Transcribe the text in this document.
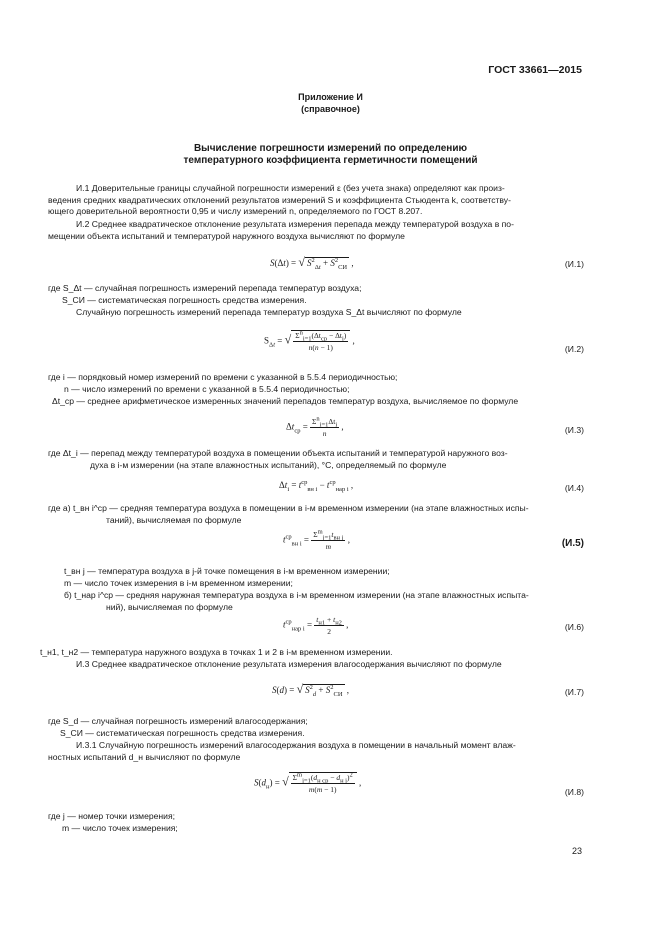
ГОСТ 33661—2015
Приложение И
(справочное)
Вычисление погрешности измерений по определению
температурного коэффициента герметичности помещений
И.1 Доверительные границы случайной погрешности измерений ε (без учета знака) определяют как произ-
ведения средних квадратических отклонений результатов измерений S и коэффициента Стьюдента k, соответству-
ющего доверительной вероятности 0,95 и числу измерений n, определяемого по ГОСТ 8.207.
И.2 Среднее квадратическое отклонение результата измерения перепада между температурой воздуха в по-
мещении объекта испытаний и температурой наружного воздуха вычисляют по формуле
S(Δt) = √ $S^2_{\Delta t} + S^2_{СИ}$ ,	(И.1)
где S_Δt — случайная погрешность измерений перепада температур воздуха;
S_СИ — систематическая погрешность средства измерения.
Случайную погрешность измерений перепада температур воздуха S_Δt вычисляют по формуле
$S_{\Delta t}$ = √ $\frac{\Sigma^n_{i=1}(\Delta t_{ср} - \Delta t_i)}{n(n - 1)}$ ,
(И.2)
где i — порядковый номер измерений по времени с указанной в 5.5.4 периодичностью;
n — число измерений по времени с указанной в 5.5.4 периодичностью;
Δt_ср — среднее арифметическое измеренных значений перепадов температур воздуха, вычисляемое по формуле
$\Delta t_{ср} = \frac{\Sigma^n_{i=1}\Delta t_i}{n}$ ,	(И.3)
где Δt_i — перепад между температурой воздуха в помещении объекта испытаний и температурой наружного воз-
духа в i-м измерении (на этапе влажностных испытаний), °С, определяемый по формуле
$\Delta t_i = t^{ср}_{вн i} - t^{ср}_{нар i}$ ,	(И.4)
где а) t_вн i^ср — средняя температура воздуха в помещении в i-м временном измерении (на этапе влажностных испы-
таний), вычисляемая по формуле
$t^{ср}_{вн i} = \frac{\Sigma^m_{j=1}t_{вн j}}{m}$ ,	(И.5)
t_вн j — температура воздуха в j-й точке помещения в i-м временном измерении;
m — число точек измерения в i-м временном измерении;
б) t_нар i^ср — средняя наружная температура воздуха в i-м временном измерении (на этапе влажностных испыта-
ний), вычисляемая по формуле
$t^{ср}_{нар i} = \frac{t_{н1} + t_{н2}}{2}$ ,	(И.6)
t_н1, t_н2 — температура наружного воздуха в точках 1 и 2 в i-м временном измерении.
И.3 Среднее квадратическое отклонение результата измерения влагосодержания вычисляют по формуле
S(d) = √ $S^2_d + S^2_{СИ}$ ,	(И.7)
где S_d — случайная погрешность измерений влагосодержания;
S_СИ — систематическая погрешность средства измерения.
И.3.1 Случайную погрешность измерений влагосодержания воздуха в помещении в начальный момент влаж-
ностных испытаний d_н вычисляют по формуле
$S(d_н)$ = √ $\frac{\Sigma^m_{j=1}(d_{н ср} - d_{н j})^2}{m(m - 1)}$ ,
(И.8)
где j — номер точки измерения;
m — число точек измерения;
23
